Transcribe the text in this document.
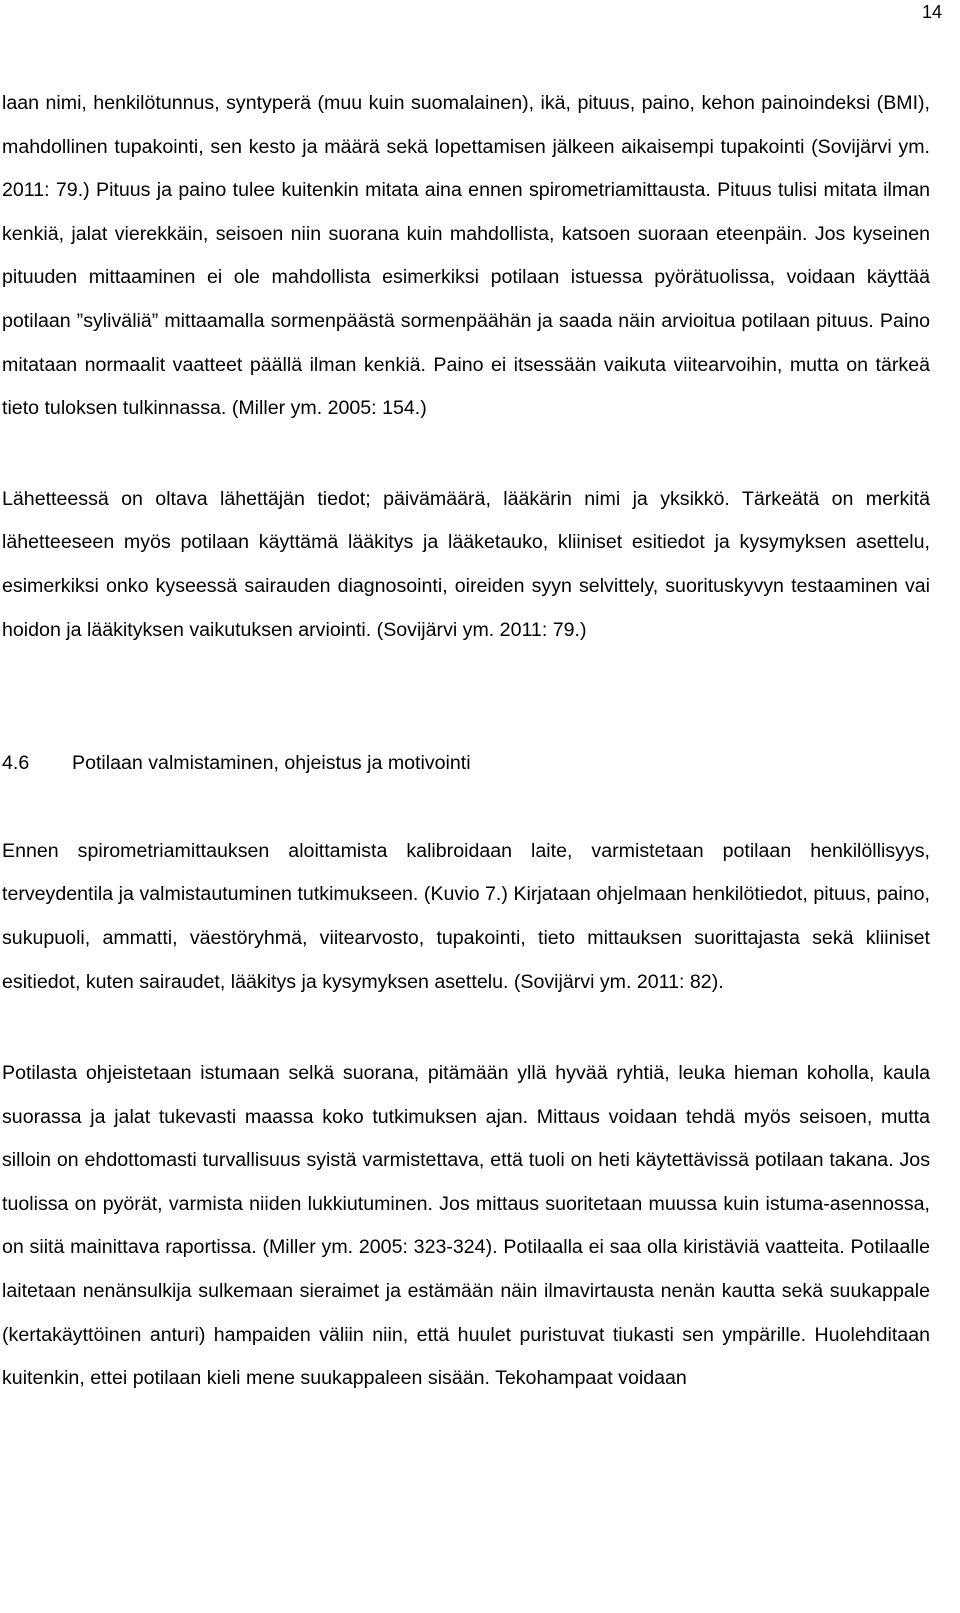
14

laan nimi, henkilötunnus, syntyperä (muu kuin suomalainen), ikä, pituus, paino, kehon painoindeksi (BMI), mahdollinen tupakointi, sen kesto ja määrä sekä lopettamisen jälkeen aikaisempi tupakointi (Sovijärvi ym. 2011: 79.) Pituus ja paino tulee kuitenkin mitata aina ennen spirometriamittausta. Pituus tulisi mitata ilman kenkiä, jalat vierekkäin, seisoen niin suorana kuin mahdollista, katsoen suoraan eteenpäin. Jos kyseinen pituuden mittaaminen ei ole mahdollista esimerkiksi potilaan istuessa pyörätuolissa, voidaan käyttää potilaan ”syliväliä” mittaamalla sormenpäästä sormenpäähän ja saada näin arvioitua potilaan pituus. Paino mitataan normaalit vaatteet päällä ilman kenkiä. Paino ei itsessään vaikuta viitearvoihin, mutta on tärkeä tieto tuloksen tulkinnassa. (Miller ym. 2005: 154.)

Lähetteessä on oltava lähettäjän tiedot; päivämäärä, lääkärin nimi ja yksikkö. Tärkeätä on merkitä lähetteeseen myös potilaan käyttämä lääkitys ja lääketauko, kliiniset esitiedot ja kysymyksen asettelu, esimerkiksi onko kyseessä sairauden diagnosointi, oireiden syyn selvittely, suorituskyvyn testaaminen vai hoidon ja lääkityksen vaikutuksen arviointi. (Sovijärvi ym. 2011: 79.)

4.6 Potilaan valmistaminen, ohjeistus ja motivointi

Ennen spirometriamittauksen aloittamista kalibroidaan laite, varmistetaan potilaan henkilöllisyys, terveydentila ja valmistautuminen tutkimukseen. (Kuvio 7.) Kirjataan ohjelmaan henkilötiedot, pituus, paino, sukupuoli, ammatti, väestöryhmä, viitearvosto, tupakointi, tieto mittauksen suorittajasta sekä kliiniset esitiedot, kuten sairaudet, lääkitys ja kysymyksen asettelu. (Sovijärvi ym. 2011: 82).

Potilasta ohjeistetaan istumaan selkä suorana, pitämään yllä hyvää ryhtiä, leuka hieman koholla, kaula suorassa ja jalat tukevasti maassa koko tutkimuksen ajan. Mittaus voidaan tehdä myös seisoen, mutta silloin on ehdottomasti turvallisuus syistä varmistettava, että tuoli on heti käytettävissä potilaan takana. Jos tuolissa on pyörät, varmista niiden lukkiutuminen. Jos mittaus suoritetaan muussa kuin istuma-asennossa, on siitä mainittava raportissa. (Miller ym. 2005: 323-324). Potilaalla ei saa olla kiristäviä vaatteita. Potilaalle laitetaan nenänsulkija sulkemaan sieraimet ja estämään näin ilmavirtausta nenän kautta sekä suukappale (kertakäyttöinen anturi) hampaiden väliin niin, että huulet puristuvat tiukasti sen ympärille. Huolehditaan kuitenkin, ettei potilaan kieli mene suukappaleen sisään. Tekohampaat voidaan
